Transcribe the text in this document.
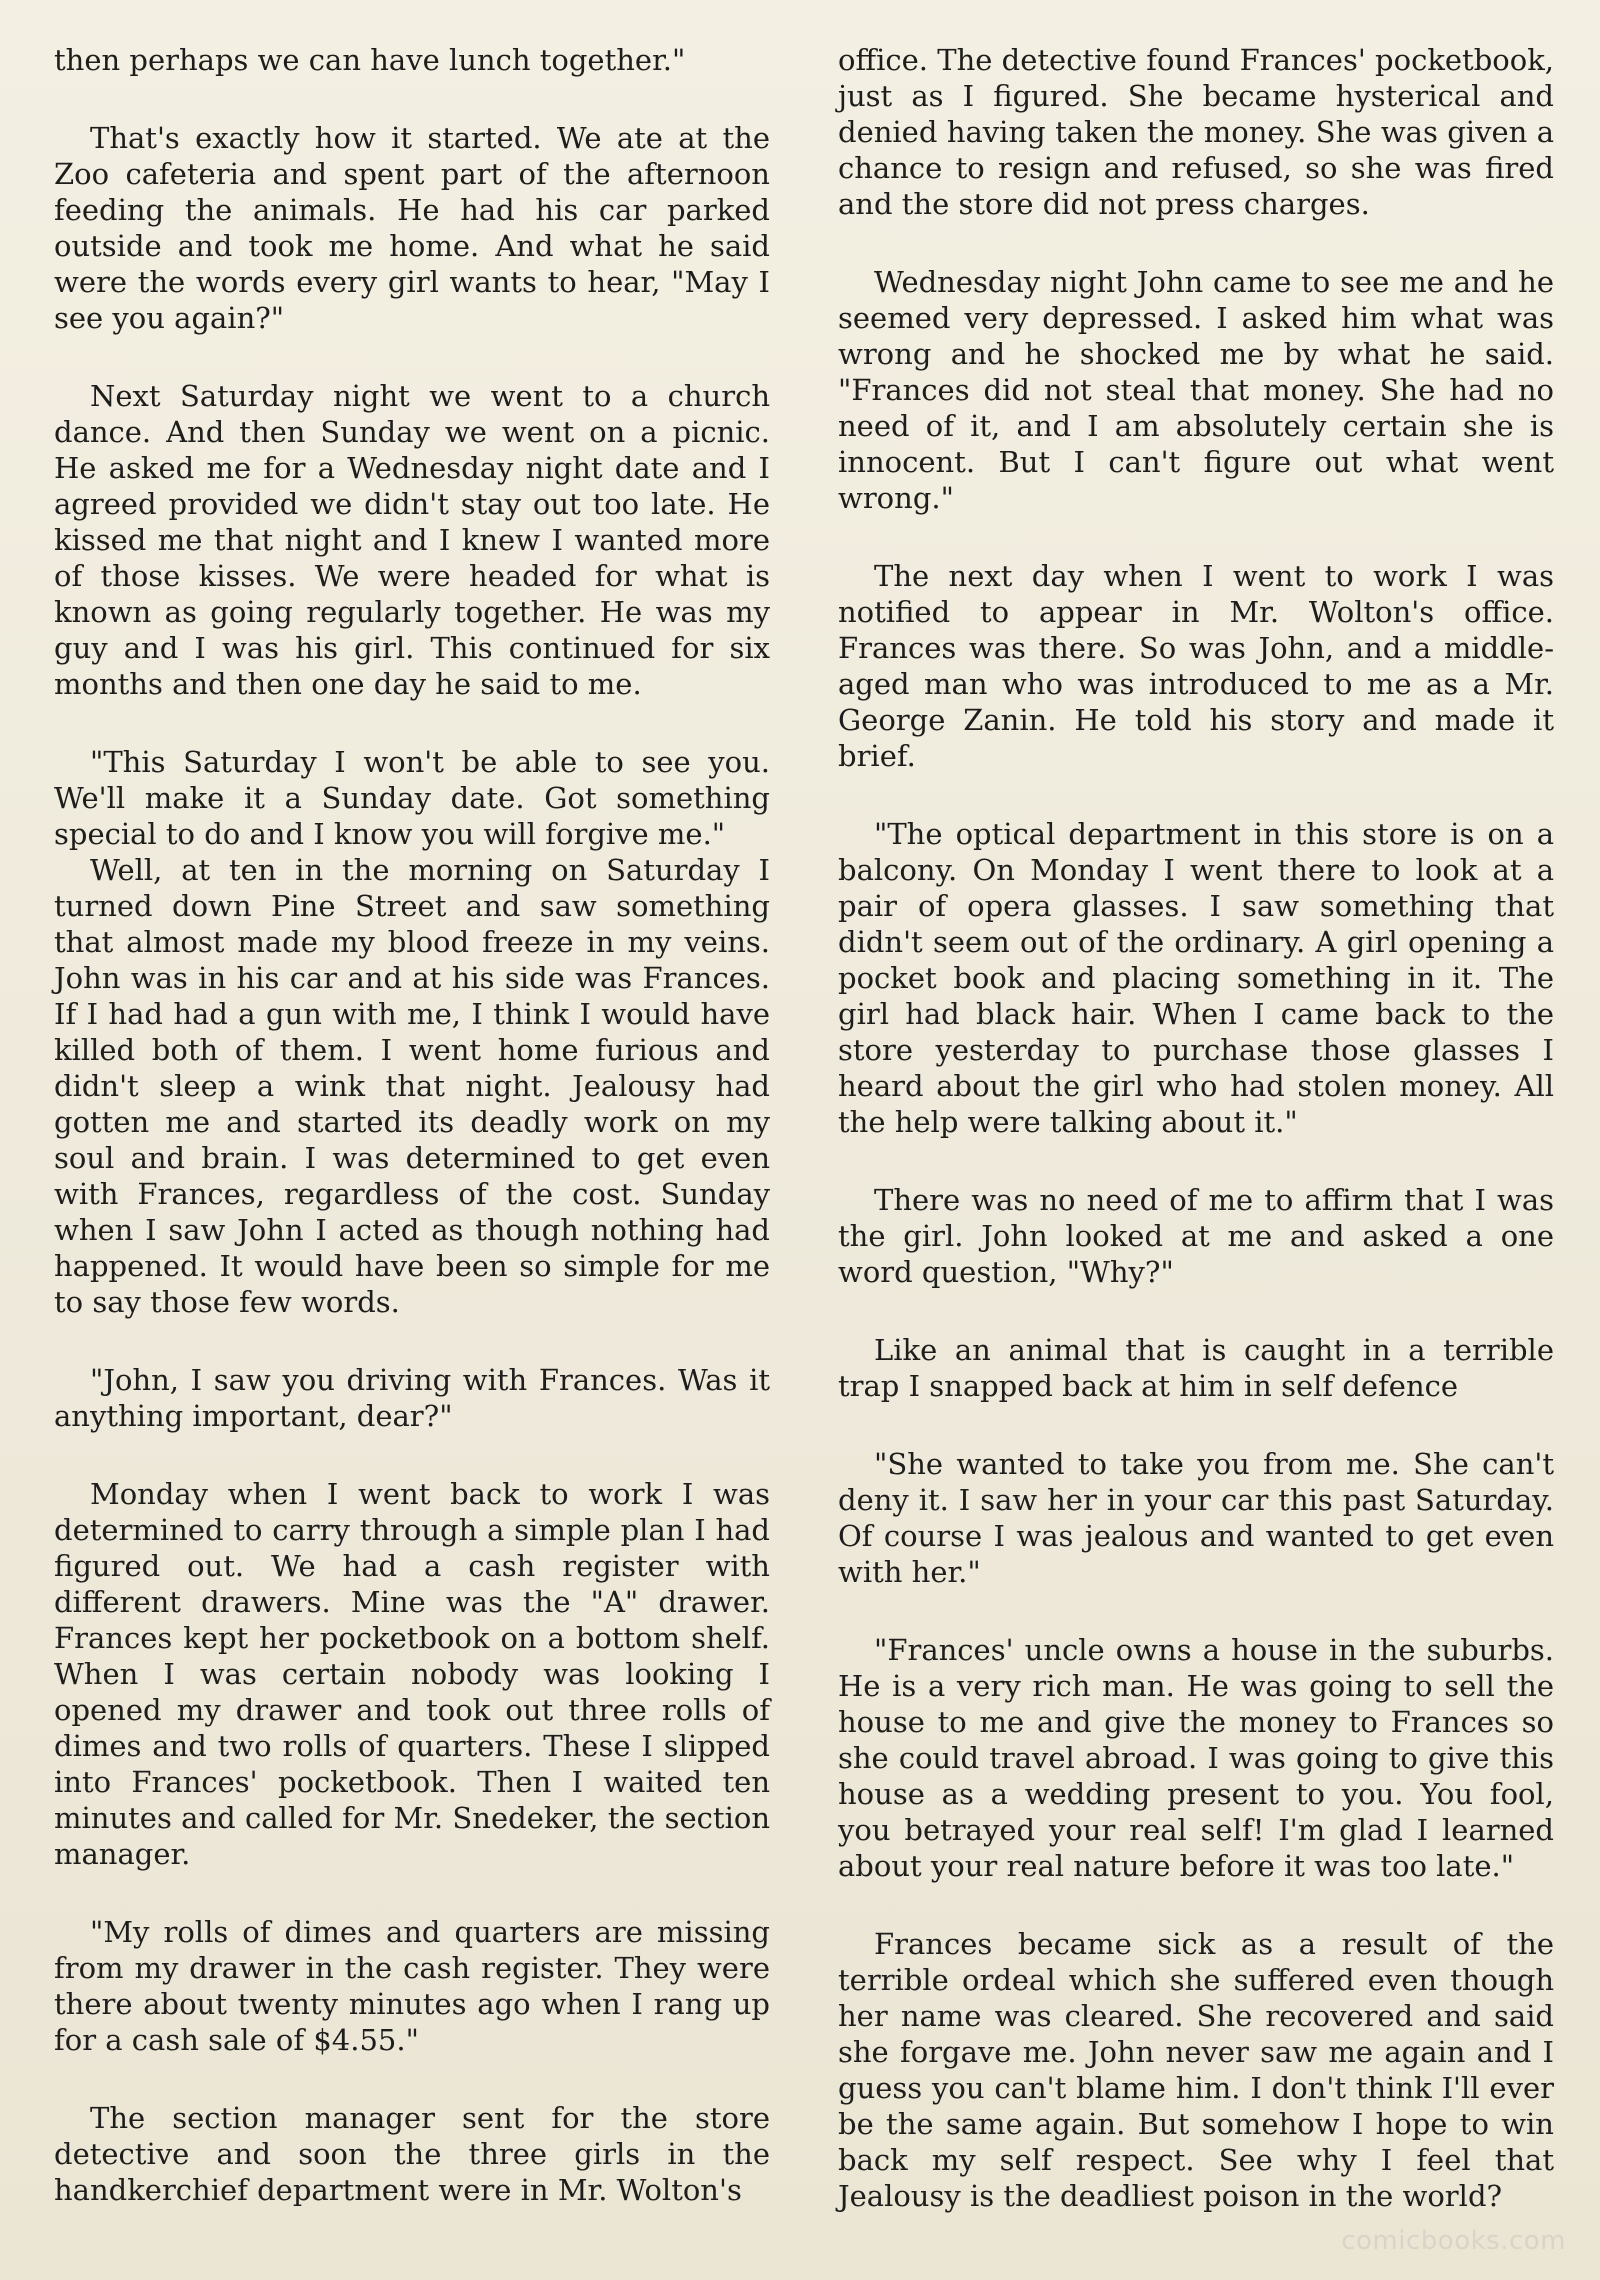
then perhaps we can have lunch together."

That's exactly how it started. We ate at the Zoo cafeteria and spent part of the afternoon feeding the animals. He had his car parked outside and took me home. And what he said were the words every girl wants to hear, "May I see you again?"

Next Saturday night we went to a church dance. And then Sunday we went on a picnic. He asked me for a Wednesday night date and I agreed provided we didn't stay out too late. He kissed me that night and I knew I wanted more of those kisses. We were headed for what is known as going regularly together. He was my guy and I was his girl. This continued for six months and then one day he said to me.

"This Saturday I won't be able to see you. We'll make it a Sunday date. Got something special to do and I know you will forgive me."

Well, at ten in the morning on Saturday I turned down Pine Street and saw something that almost made my blood freeze in my veins. John was in his car and at his side was Frances. If I had had a gun with me, I think I would have killed both of them. I went home furious and didn't sleep a wink that night. Jealousy had gotten me and started its deadly work on my soul and brain. I was determined to get even with Frances, regardless of the cost. Sunday when I saw John I acted as though nothing had happened. It would have been so simple for me to say those few words.

"John, I saw you driving with Frances. Was it anything important, dear?"

Monday when I went back to work I was determined to carry through a simple plan I had figured out. We had a cash register with different drawers. Mine was the "A" drawer. Frances kept her pocketbook on a bottom shelf. When I was certain nobody was looking I opened my drawer and took out three rolls of dimes and two rolls of quarters. These I slipped into Frances' pocketbook. Then I waited ten minutes and called for Mr. Snedeker, the section manager.

"My rolls of dimes and quarters are missing from my drawer in the cash register. They were there about twenty minutes ago when I rang up for a cash sale of $4.55."

The section manager sent for the store detective and soon the three girls in the handkerchief department were in Mr. Wolton's

office. The detective found Frances' pocketbook, just as I figured. She became hysterical and denied having taken the money. She was given a chance to resign and refused, so she was fired and the store did not press charges.

Wednesday night John came to see me and he seemed very depressed. I asked him what was wrong and he shocked me by what he said. "Frances did not steal that money. She had no need of it, and I am absolutely certain she is innocent. But I can't figure out what went wrong."

The next day when I went to work I was notified to appear in Mr. Wolton's office. Frances was there. So was John, and a middle-aged man who was introduced to me as a Mr. George Zanin. He told his story and made it brief.

"The optical department in this store is on a balcony. On Monday I went there to look at a pair of opera glasses. I saw something that didn't seem out of the ordinary. A girl opening a pocket book and placing something in it. The girl had black hair. When I came back to the store yesterday to purchase those glasses I heard about the girl who had stolen money. All the help were talking about it."

There was no need of me to affirm that I was the girl. John looked at me and asked a one word question, "Why?"

Like an animal that is caught in a terrible trap I snapped back at him in self defence

"She wanted to take you from me. She can't deny it. I saw her in your car this past Saturday. Of course I was jealous and wanted to get even with her."

"Frances' uncle owns a house in the suburbs. He is a very rich man. He was going to sell the house to me and give the money to Frances so she could travel abroad. I was going to give this house as a wedding present to you. You fool, you betrayed your real self! I'm glad I learned about your real nature before it was too late."

Frances became sick as a result of the terrible ordeal which she suffered even though her name was cleared. She recovered and said she forgave me. John never saw me again and I guess you can't blame him. I don't think I'll ever be the same again. But somehow I hope to win back my self respect. See why I feel that Jealousy is the deadliest poison in the world?

comicbooks.com
